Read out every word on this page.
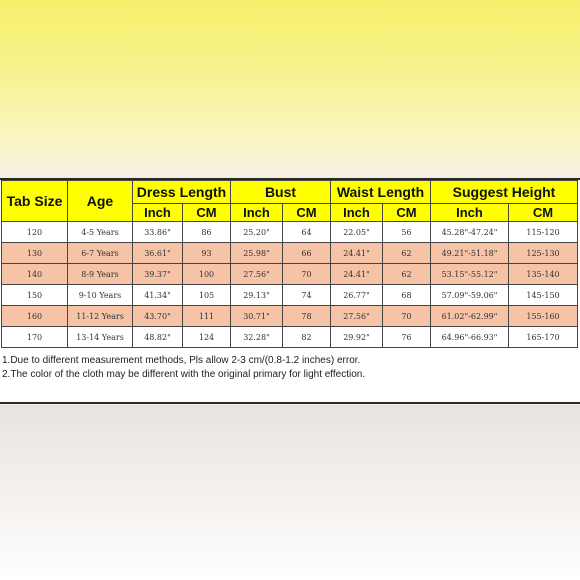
Tab Size	Age	Dress Length		Bust		Waist Length		Suggest Height	
		Inch	CM	Inch	CM	Inch	CM	Inch	CM
120	4-5 Years	33.86"	86	25.20"	64	22.05"	56	45.28"-47.24"	115-120
130	6-7 Years	36.61"	93	25.98"	66	24.41"	62	49.21"-51.18"	125-130
140	8-9 Years	39.37"	100	27.56"	70	24.41"	62	53.15"-55.12"	135-140
150	9-10 Years	41.34"	105	29.13"	74	26.77"	68	57.09"-59.06"	145-150
160	11-12 Years	43.70"	111	30.71"	78	27.56"	70	61.02"-62.99"	155-160
170	13-14 Years	48.82"	124	32.28"	82	29.92"	76	64.96"-66.93"	165-170
1.Due to different measurement methods, Pls allow 2-3 cm/(0.8-1.2 inches) error.
2.The color of the cloth may be different with the original primary for light effection.
